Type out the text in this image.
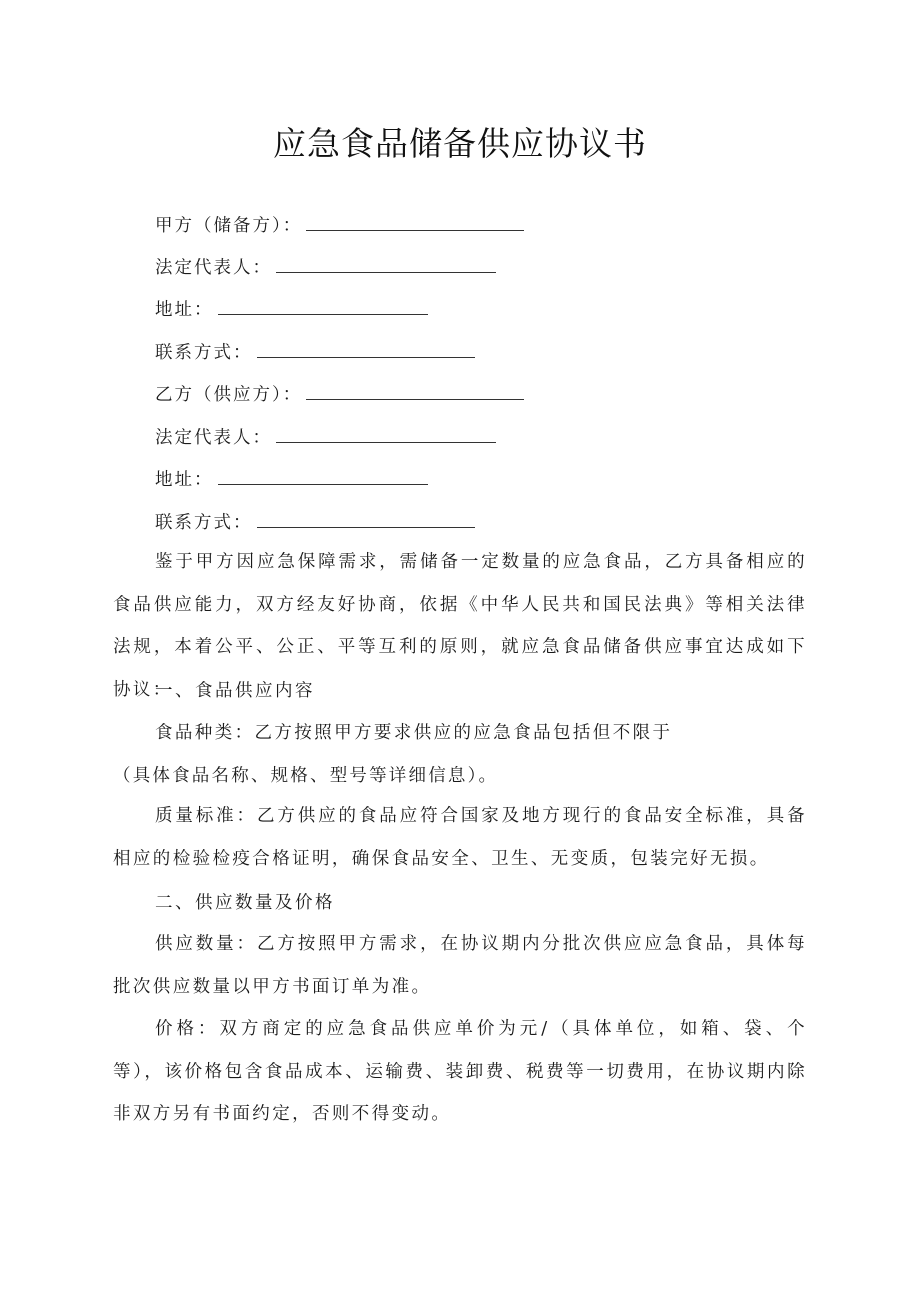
应急食品储备供应协议书
甲方（储备方）：
法定代表人：
地址：
联系方式：
乙方（供应方）：
法定代表人：
地址：
联系方式：
鉴于甲方因应急保障需求，需储备一定数量的应急食品，乙方具备相应的食品供应能力，双方经友好协商，依据《中华人民共和国民法典》等相关法律法规，本着公平、公正、平等互利的原则，就应急食品储备供应事宜达成如下协议：
一、食品供应内容
食品种类：乙方按照甲方要求供应的应急食品包括但不限于
（具体食品名称、规格、型号等详细信息）。
质量标准：乙方供应的食品应符合国家及地方现行的食品安全标准，具备相应的检验检疫合格证明，确保食品安全、卫生、无变质，包装完好无损。
二、供应数量及价格
供应数量：乙方按照甲方需求，在协议期内分批次供应应急食品，具体每批次供应数量以甲方书面订单为准。
价格：双方商定的应急食品供应单价为元/（具体单位，如箱、袋、个等），该价格包含食品成本、运输费、装卸费、税费等一切费用，在协议期内除非双方另有书面约定，否则不得变动。
